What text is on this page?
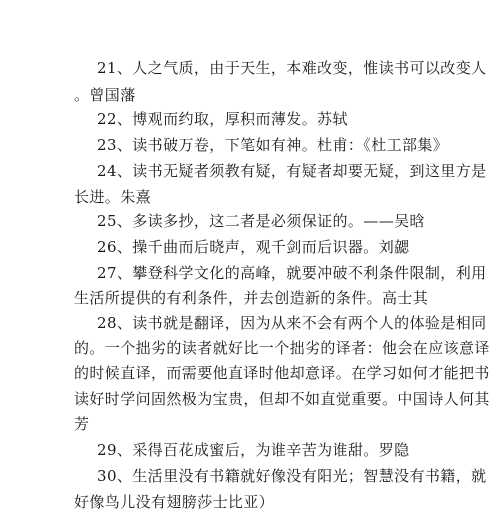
21、人之气质，由于天生，本难改变，惟读书可以改变人
。曾国藩
22、博观而约取，厚积而薄发。苏轼
23、读书破万卷，下笔如有神。杜甫：《杜工部集》
24、读书无疑者须教有疑，有疑者却要无疑，到这里方是
长进。朱熹
25、多读多抄，这二者是必须保证的。——吴晗
26、操千曲而后晓声，观千剑而后识器。刘勰
27、攀登科学文化的高峰，就要冲破不利条件限制，利用
生活所提供的有利条件，并去创造新的条件。高士其
28、读书就是翻译，因为从来不会有两个人的体验是相同
的。一个拙劣的读者就好比一个拙劣的译者：他会在应该意译
的时候直译，而需要他直译时他却意译。在学习如何才能把书
读好时学问固然极为宝贵，但却不如直觉重要。中国诗人何其
芳
29、采得百花成蜜后，为谁辛苦为谁甜。罗隐
30、生活里没有书籍就好像没有阳光；智慧没有书籍，就
好像鸟儿没有翅膀莎士比亚）
